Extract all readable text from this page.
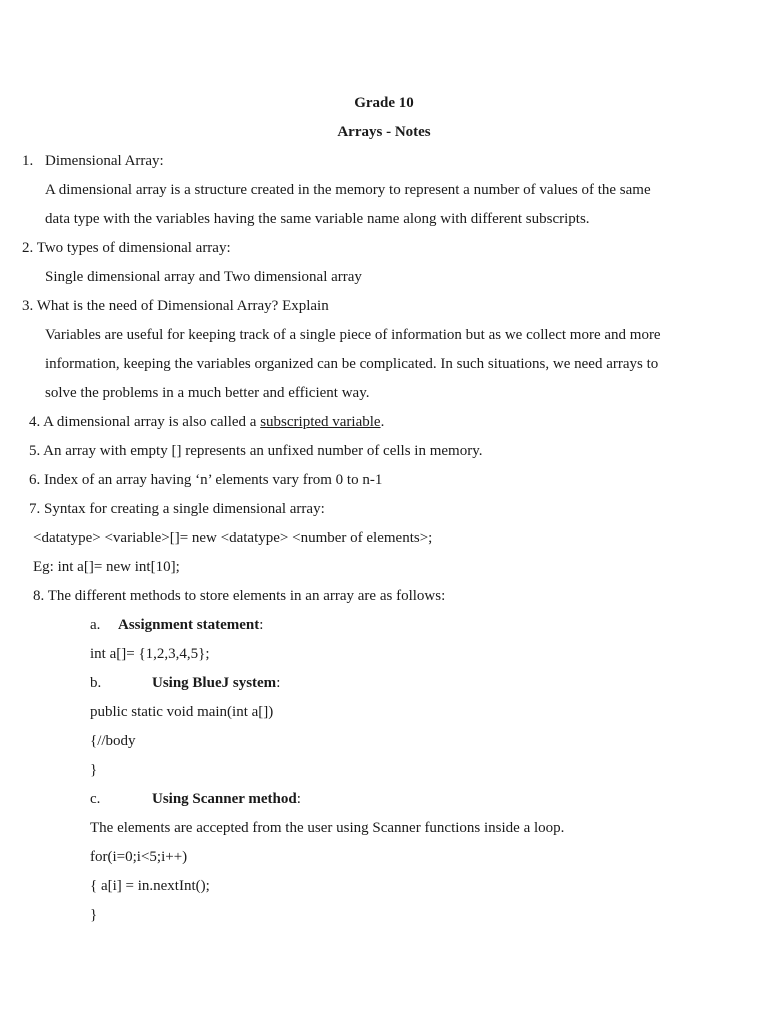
Grade 10
Arrays - Notes
1. Dimensional Array:
A dimensional array is a structure created in the memory to represent a number of values of the same
data type with the variables having the same variable name along with different subscripts.
2. Two types of dimensional array:
Single dimensional array and Two dimensional array
3. What is the need of Dimensional Array? Explain
Variables are useful for keeping track of a single piece of information but as we collect more and more
information, keeping the variables organized can be complicated. In such situations, we need arrays to
solve the problems in a much better and efficient way.
4. A dimensional array is also called a subscripted variable.
5. An array with empty [] represents an unfixed number of cells in memory.
6. Index of an array having ‘n’ elements vary from 0 to n-1
7. Syntax for creating a single dimensional array:
<datatype> <variable>[]= new <datatype> <number of elements>;
Eg: int a[]= new int[10];
8. The different methods to store elements in an array are as follows:
a. Assignment statement:
int a[]= {1,2,3,4,5};
b.	Using BlueJ system:
public static void main(int a[])
{//body
}
c.	Using Scanner method:
The elements are accepted from the user using Scanner functions inside a loop.
for(i=0;i<5;i++)
{ a[i] = in.nextInt();
}
